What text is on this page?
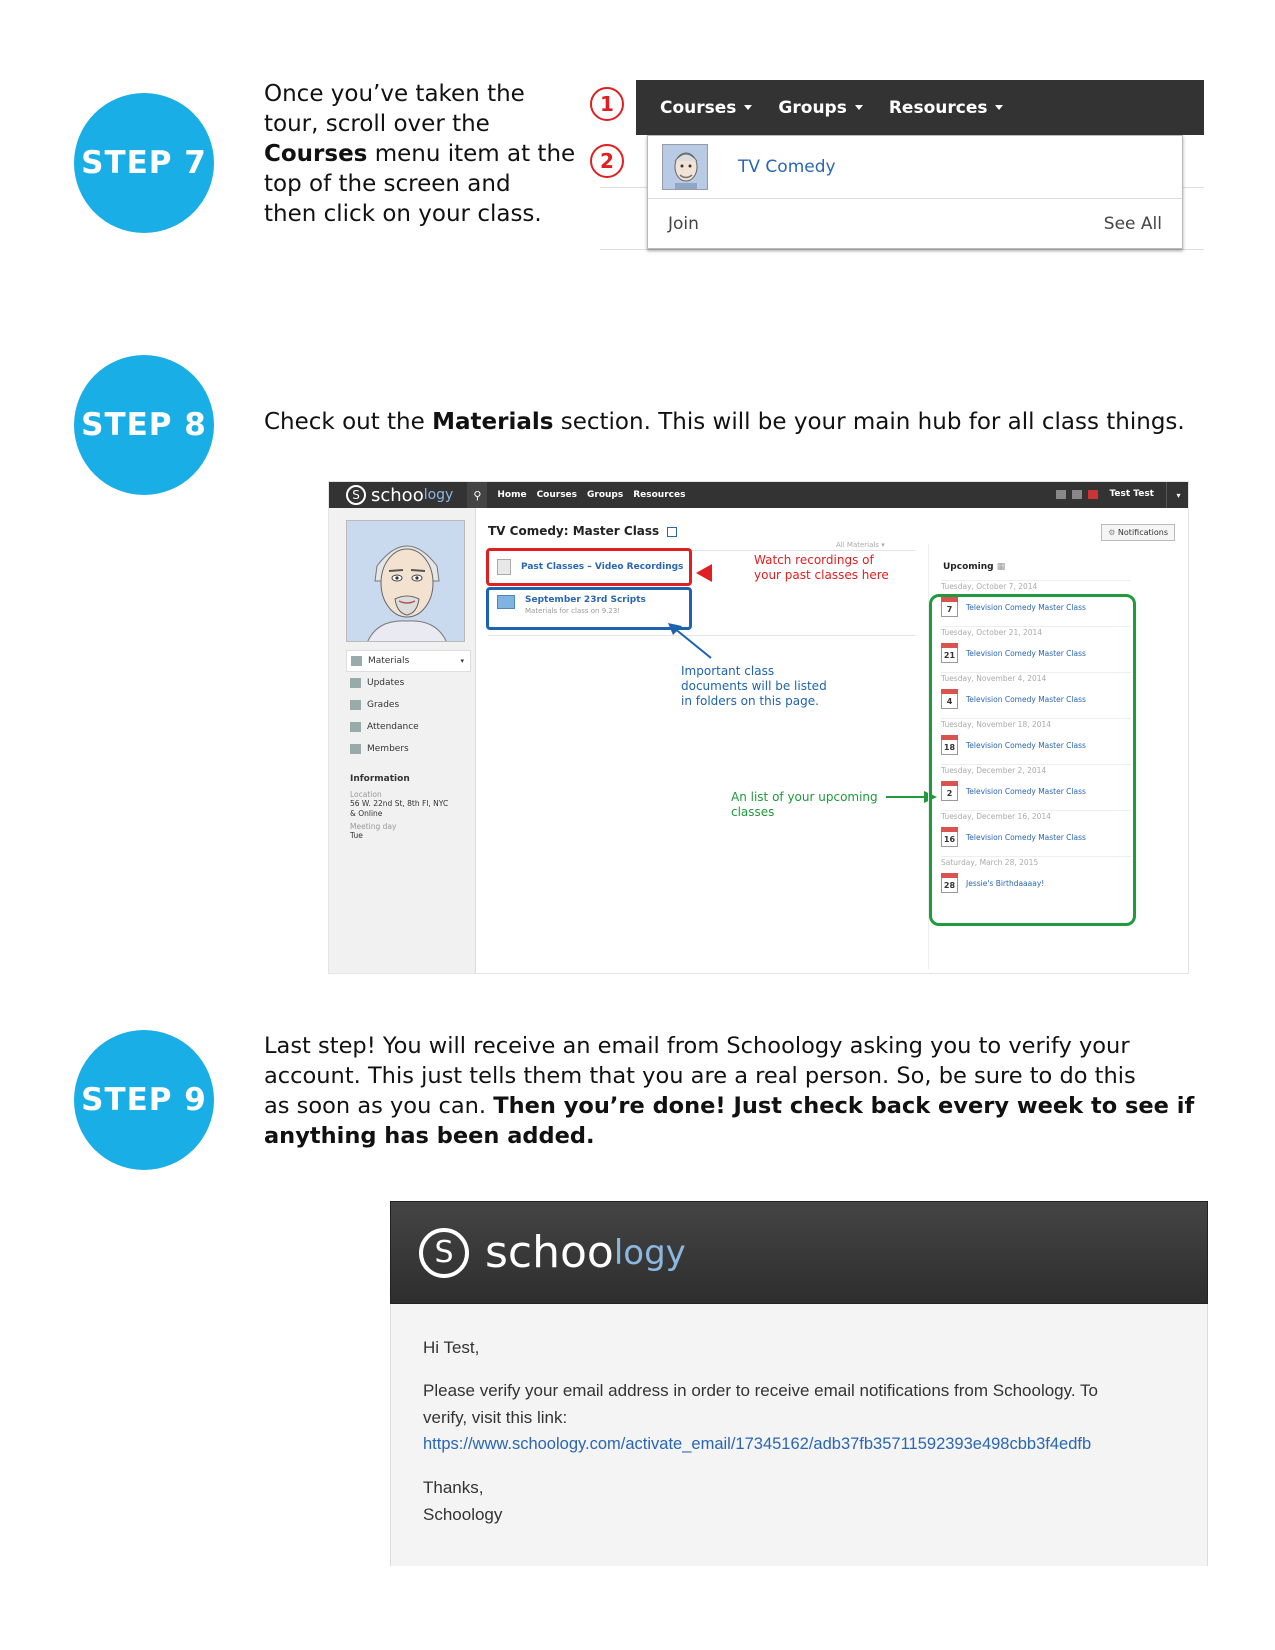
STEP 7
Once you’ve taken the
tour, scroll over the
Courses menu item at the
top of the screen and
then click on your class.
Courses Groups Resources
1
TV Comedy
Join	See All
2
STEP 8	Check out the Materials section. This will be your main hub for all class things.
S schoo logy	⚲	Home Courses Groups Resources	Test Test	▾
Materials	▾
Updates
Grades
Attendance
Members
Information
Location
56 W. 22nd St, 8th Fl, NYC
& Online
Meeting day
Tue
TV Comedy: Master Class	⚙ Notifications
All Materials ▾
Past Classes – Video Recordings
September 23rd Scripts
Materials for class on 9.23!
Watch recordings of
your past classes here
Important class
documents will be listed
in folders on this page.
An list of your upcoming
classes
Upcoming ▦
Tuesday, October 7, 2014
7	Television Comedy Master Class
Tuesday, October 21, 2014
21	Television Comedy Master Class
Tuesday, November 4, 2014
4	Television Comedy Master Class
Tuesday, November 18, 2014
18	Television Comedy Master Class
Tuesday, December 2, 2014
2	Television Comedy Master Class
Tuesday, December 16, 2014
16	Television Comedy Master Class
Saturday, March 28, 2015
28	Jessie's Birthdaaaay!
STEP 9
Last step! You will receive an email from Schoology asking you to verify your
account. This just tells them that you are a real person. So, be sure to do this
as soon as you can. Then you’re done! Just check back every week to see if
anything has been added.
S schoo logy
Hi Test,
Please verify your email address in order to receive email notifications from Schoology. To
verify, visit this link:
https://www.schoology.com/activate_email/17345162/adb37fb35711592393e498cbb3f4edfb
Thanks,
Schoology
